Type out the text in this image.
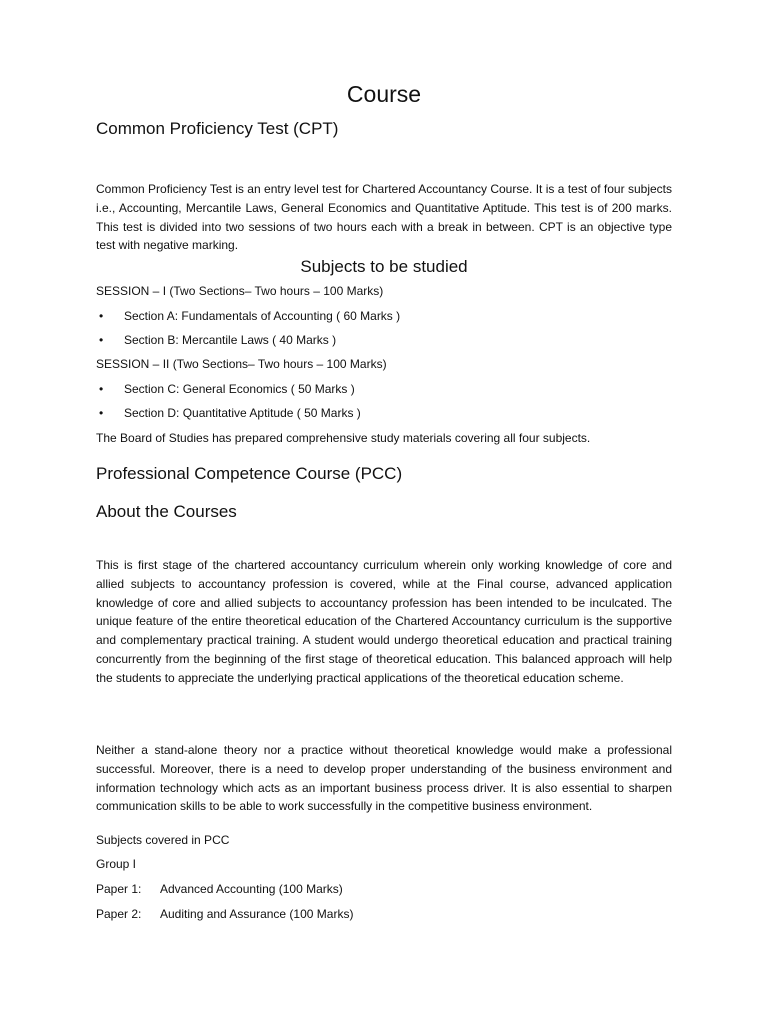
Course
Common Proficiency Test (CPT)

Common Proficiency Test is an entry level test for Chartered Accountancy Course. It is a test of four subjects i.e., Accounting, Mercantile Laws, General Economics and Quantitative Aptitude. This test is of 200 marks. This test is divided into two sessions of two hours each with a break in between. CPT is an objective type test with negative marking.

Subjects to be studied
SESSION – I (Two Sections– Two hours – 100 Marks)
• Section A: Fundamentals of Accounting ( 60 Marks )
• Section B: Mercantile Laws ( 40 Marks )
SESSION – II (Two Sections– Two hours – 100 Marks)
• Section C: General Economics ( 50 Marks )
• Section D: Quantitative Aptitude ( 50 Marks )
The Board of Studies has prepared comprehensive study materials covering all four subjects.
Professional Competence Course (PCC)
About the Courses

This is first stage of the chartered accountancy curriculum wherein only working knowledge of core and allied subjects to accountancy profession is covered, while at the Final course, advanced application knowledge of core and allied subjects to accountancy profession has been intended to be inculcated. The unique feature of the entire theoretical education of the Chartered Accountancy curriculum is the supportive and complementary practical training. A student would undergo theoretical education and practical training concurrently from the beginning of the first stage of theoretical education. This balanced approach will help the students to appreciate the underlying practical applications of the theoretical education scheme.

Neither a stand-alone theory nor a practice without theoretical knowledge would make a professional successful. Moreover, there is a need to develop proper understanding of the business environment and information technology which acts as an important business process driver. It is also essential to sharpen communication skills to be able to work successfully in the competitive business environment.

Subjects covered in PCC
Group I
Paper 1: Advanced Accounting (100 Marks)
Paper 2: Auditing and Assurance (100 Marks)
